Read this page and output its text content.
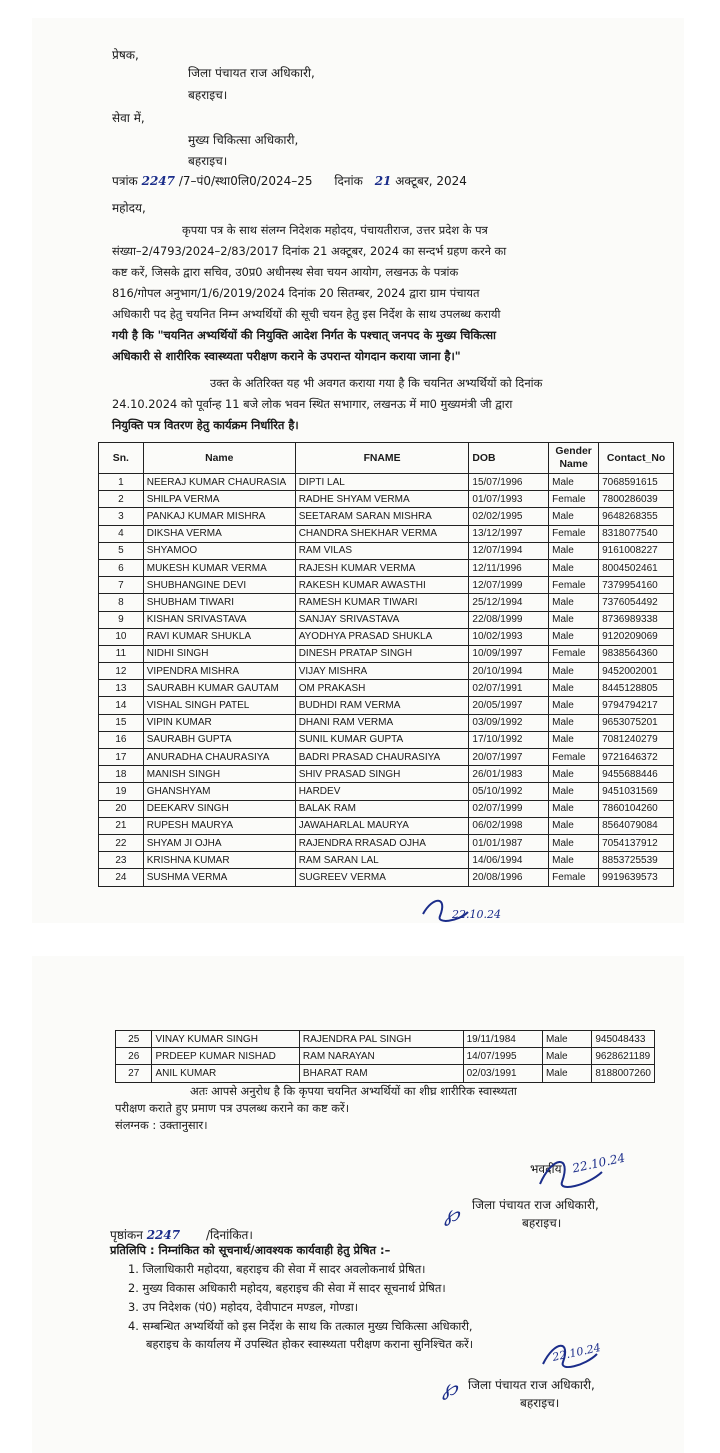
प्रेषक,
जिला पंचायत राज अधिकारी,
बहराइच।
सेवा में,
मुख्य चिकित्सा अधिकारी,
बहराइच।
पत्रांक 2247 /7–पं0/स्था0लि0/2024–25 दिनांक 21 अक्टूबर, 2024
महोदय,
कृपया पत्र के साथ संलग्न निदेशक महोदय, पंचायतीराज, उत्तर प्रदेश के पत्र
संख्या–2/4793/2024–2/83/2017 दिनांक 21 अक्टूबर, 2024 का सन्दर्भ ग्रहण करने का
कष्ट करें, जिसके द्वारा सचिव, उ0प्र0 अधीनस्थ सेवा चयन आयोग, लखनऊ के पत्रांक
816/गोपल अनुभाग/1/6/2019/2024 दिनांक 20 सितम्बर, 2024 द्वारा ग्राम पंचायत
अधिकारी पद हेतु चयनित निम्न अभ्यर्थियों की सूची चयन हेतु इस निर्देश के साथ उपलब्ध करायी
गयी है कि "चयनित अभ्यर्थियों की नियुक्ति आदेश निर्गत के पश्चात् जनपद के मुख्य चिकित्सा
अधिकारी से शारीरिक स्वास्थ्यता परीक्षण कराने के उपरान्त योगदान कराया जाना है।"
उक्त के अतिरिक्त यह भी अवगत कराया गया है कि चयनित अभ्यर्थियों को दिनांक
24.10.2024 को पूर्वान्ह 11 बजे लोक भवन स्थित सभागार, लखनऊ में मा0 मुख्यमंत्री जी द्वारा
नियुक्ति पत्र वितरण हेतु कार्यक्रम निर्धारित है।
Sn.	Name	FNAME	DOB	Gender Name	Contact_No
1	NEERAJ KUMAR CHAURASIA	DIPTI LAL	15/07/1996	Male	7068591615
2	SHILPA VERMA	RADHE SHYAM VERMA	01/07/1993	Female	7800286039
3	PANKAJ KUMAR MISHRA	SEETARAM SARAN MISHRA	02/02/1995	Male	9648268355
4	DIKSHA VERMA	CHANDRA SHEKHAR VERMA	13/12/1997	Female	8318077540
5	SHYAMOO	RAM VILAS	12/07/1994	Male	9161008227
6	MUKESH KUMAR VERMA	RAJESH KUMAR VERMA	12/11/1996	Male	8004502461
7	SHUBHANGINE DEVI	RAKESH KUMAR AWASTHI	12/07/1999	Female	7379954160
8	SHUBHAM TIWARI	RAMESH KUMAR TIWARI	25/12/1994	Male	7376054492
9	KISHAN SRIVASTAVA	SANJAY SRIVASTAVA	22/08/1999	Male	8736989338
10	RAVI KUMAR SHUKLA	AYODHYA PRASAD SHUKLA	10/02/1993	Male	9120209069
11	NIDHI SINGH	DINESH PRATAP SINGH	10/09/1997	Female	9838564360
12	VIPENDRA MISHRA	VIJAY MISHRA	20/10/1994	Male	9452002001
13	SAURABH KUMAR GAUTAM	OM PRAKASH	02/07/1991	Male	8445128805
14	VISHAL SINGH PATEL	BUDHDI RAM VERMA	20/05/1997	Male	9794794217
15	VIPIN KUMAR	DHANI RAM VERMA	03/09/1992	Male	9653075201
16	SAURABH GUPTA	SUNIL KUMAR GUPTA	17/10/1992	Male	7081240279
17	ANURADHA CHAURASIYA	BADRI PRASAD CHAURASIYA	20/07/1997	Female	9721646372
18	MANISH SINGH	SHIV PRASAD SINGH	26/01/1983	Male	9455688446
19	GHANSHYAM	HARDEV	05/10/1992	Male	9451031569
20	DEEKARV SINGH	BALAK RAM	02/07/1999	Male	7860104260
21	RUPESH MAURYA	JAWAHARLAL MAURYA	06/02/1998	Male	8564079084
22	SHYAM JI OJHA	RAJENDRA RRASAD OJHA	01/01/1987	Male	7054137912
23	KRISHNA KUMAR	RAM SARAN LAL	14/06/1994	Male	8853725539
24	SUSHMA VERMA	SUGREEV VERMA	20/08/1996	Female	9919639573
22.10.24
25	VINAY KUMAR SINGH	RAJENDRA PAL SINGH	19/11/1984	Male	945048433
26	PRDEEP KUMAR NISHAD	RAM NARAYAN	14/07/1995	Male	9628621189
27	ANIL KUMAR	BHARAT RAM	02/03/1991	Male	8188007260
अतः आपसे अनुरोध है कि कृपया चयनित अभ्यर्थियों का शीघ्र शारीरिक स्वास्थ्यता
परीक्षण कराते हुए प्रमाण पत्र उपलब्ध कराने का कष्ट करें।
संलग्नक : उक्तानुसार।
भवदीय 22.10.24
℘ जिला पंचायत राज अधिकारी,
बहराइच।
पृष्ठांकन 2247 /दिनांकित।
प्रतिलिपि : निम्नांकित को सूचनार्थ/आवश्यक कार्यवाही हेतु प्रेषित :–
1. जिलाधिकारी महोदया, बहराइच की सेवा में सादर अवलोकनार्थ प्रेषित।
2. मुख्य विकास अधिकारी महोदय, बहराइच की सेवा में सादर सूचनार्थ प्रेषित।
3. उप निदेशक (पं0) महोदय, देवीपाटन मण्डल, गोण्डा।
4. सम्बन्धित अभ्यर्थियों को इस निर्देश के साथ कि तत्काल मुख्य चिकित्सा अधिकारी,
बहराइच के कार्यालय में उपस्थित होकर स्वास्थ्यता परीक्षण कराना सुनिश्चित करें।	22.10.24
℘ जिला पंचायत राज अधिकारी,
बहराइच।
